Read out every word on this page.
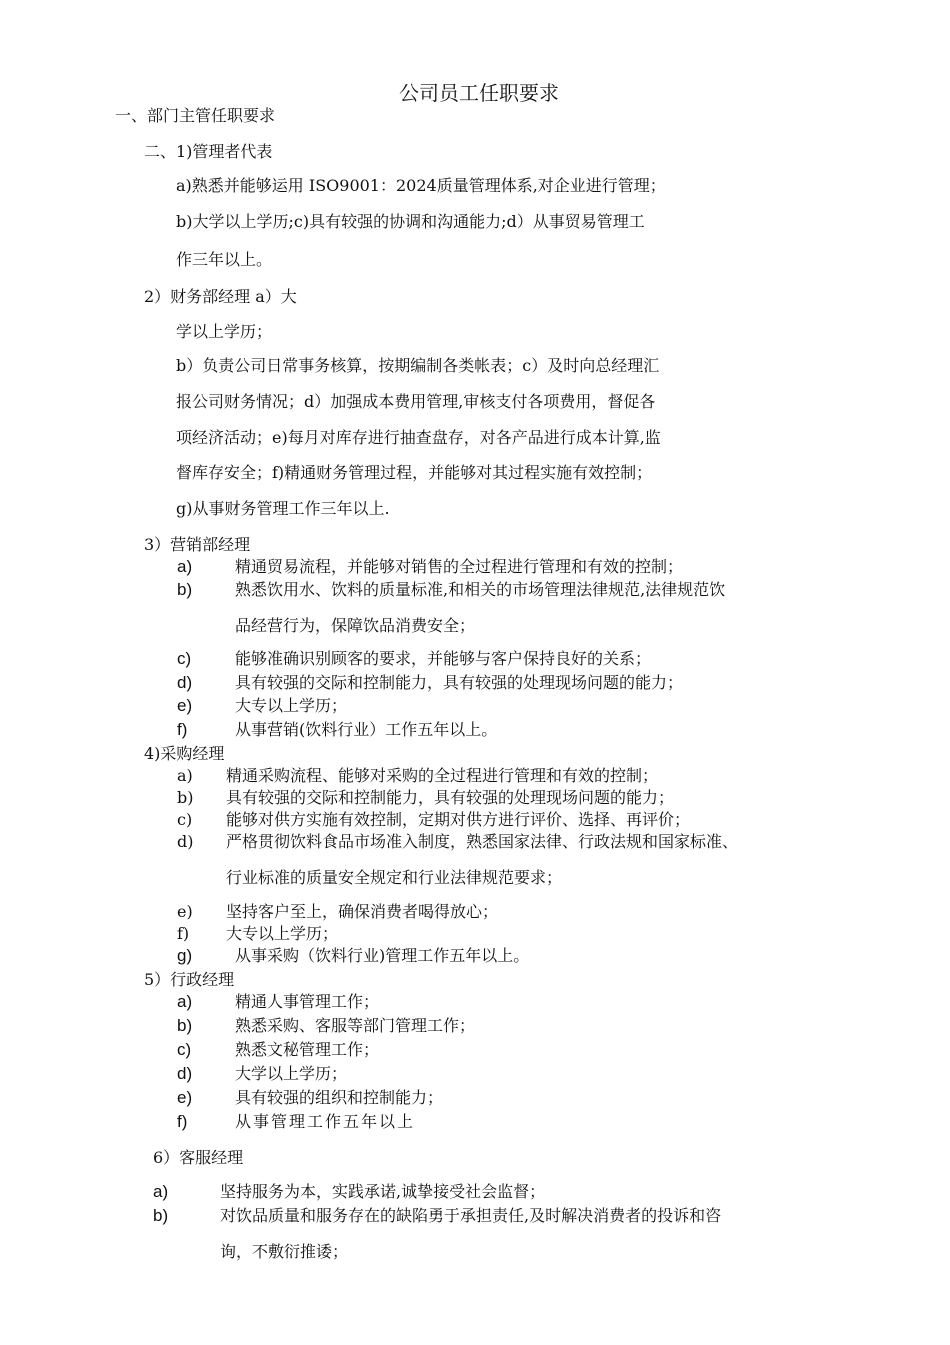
公司员工任职要求
一、部门主管任职要求
二、1)管理者代表
a)熟悉并能够运用 ISO9001：2024质量管理体系,对企业进行管理；
b)大学以上学历;c)具有较强的协调和沟通能力;d）从事贸易管理工
作三年以上。
2）财务部经理 a）大
学以上学历；
b）负责公司日常事务核算，按期编制各类帐表；c）及时向总经理汇
报公司财务情况；d）加强成本费用管理,审核支付各项费用，督促各
项经济活动；e)每月对库存进行抽查盘存，对各产品进行成本计算,监
督库存安全；f)精通财务管理过程，并能够对其过程实施有效控制；
g)从事财务管理工作三年以上.
3）营销部经理
a)	精通贸易流程，并能够对销售的全过程进行管理和有效的控制；
b)	熟悉饮用水、饮料的质量标准,和相关的市场管理法律规范,法律规范饮
品经营行为，保障饮品消费安全；
c)	能够准确识别顾客的要求，并能够与客户保持良好的关系；
d)	具有较强的交际和控制能力，具有较强的处理现场问题的能力；
e)	大专以上学历；
f)	从事营销(饮料行业）工作五年以上。
4)采购经理
a) 精通采购流程、能够对采购的全过程进行管理和有效的控制；
b) 具有较强的交际和控制能力，具有较强的处理现场问题的能力；
c) 能够对供方实施有效控制，定期对供方进行评价、选择、再评价；
d) 严格贯彻饮料食品市场准入制度，熟悉国家法律、行政法规和国家标准、
行业标准的质量安全规定和行业法律规范要求；
e) 坚持客户至上，确保消费者喝得放心；
f) 大专以上学历；
g)	从事采购（饮料行业)管理工作五年以上。
5）行政经理
a)	精通人事管理工作；
b)	熟悉采购、客服等部门管理工作；
c)	熟悉文秘管理工作；
d)	大学以上学历；
e)	具有较强的组织和控制能力；
f)	从事管理工作五年以上
6）客服经理
a)	坚持服务为本，实践承诺,诚挚接受社会监督；
b)	对饮品质量和服务存在的缺陷勇于承担责任,及时解决消费者的投诉和咨
询，不敷衍推诿；
